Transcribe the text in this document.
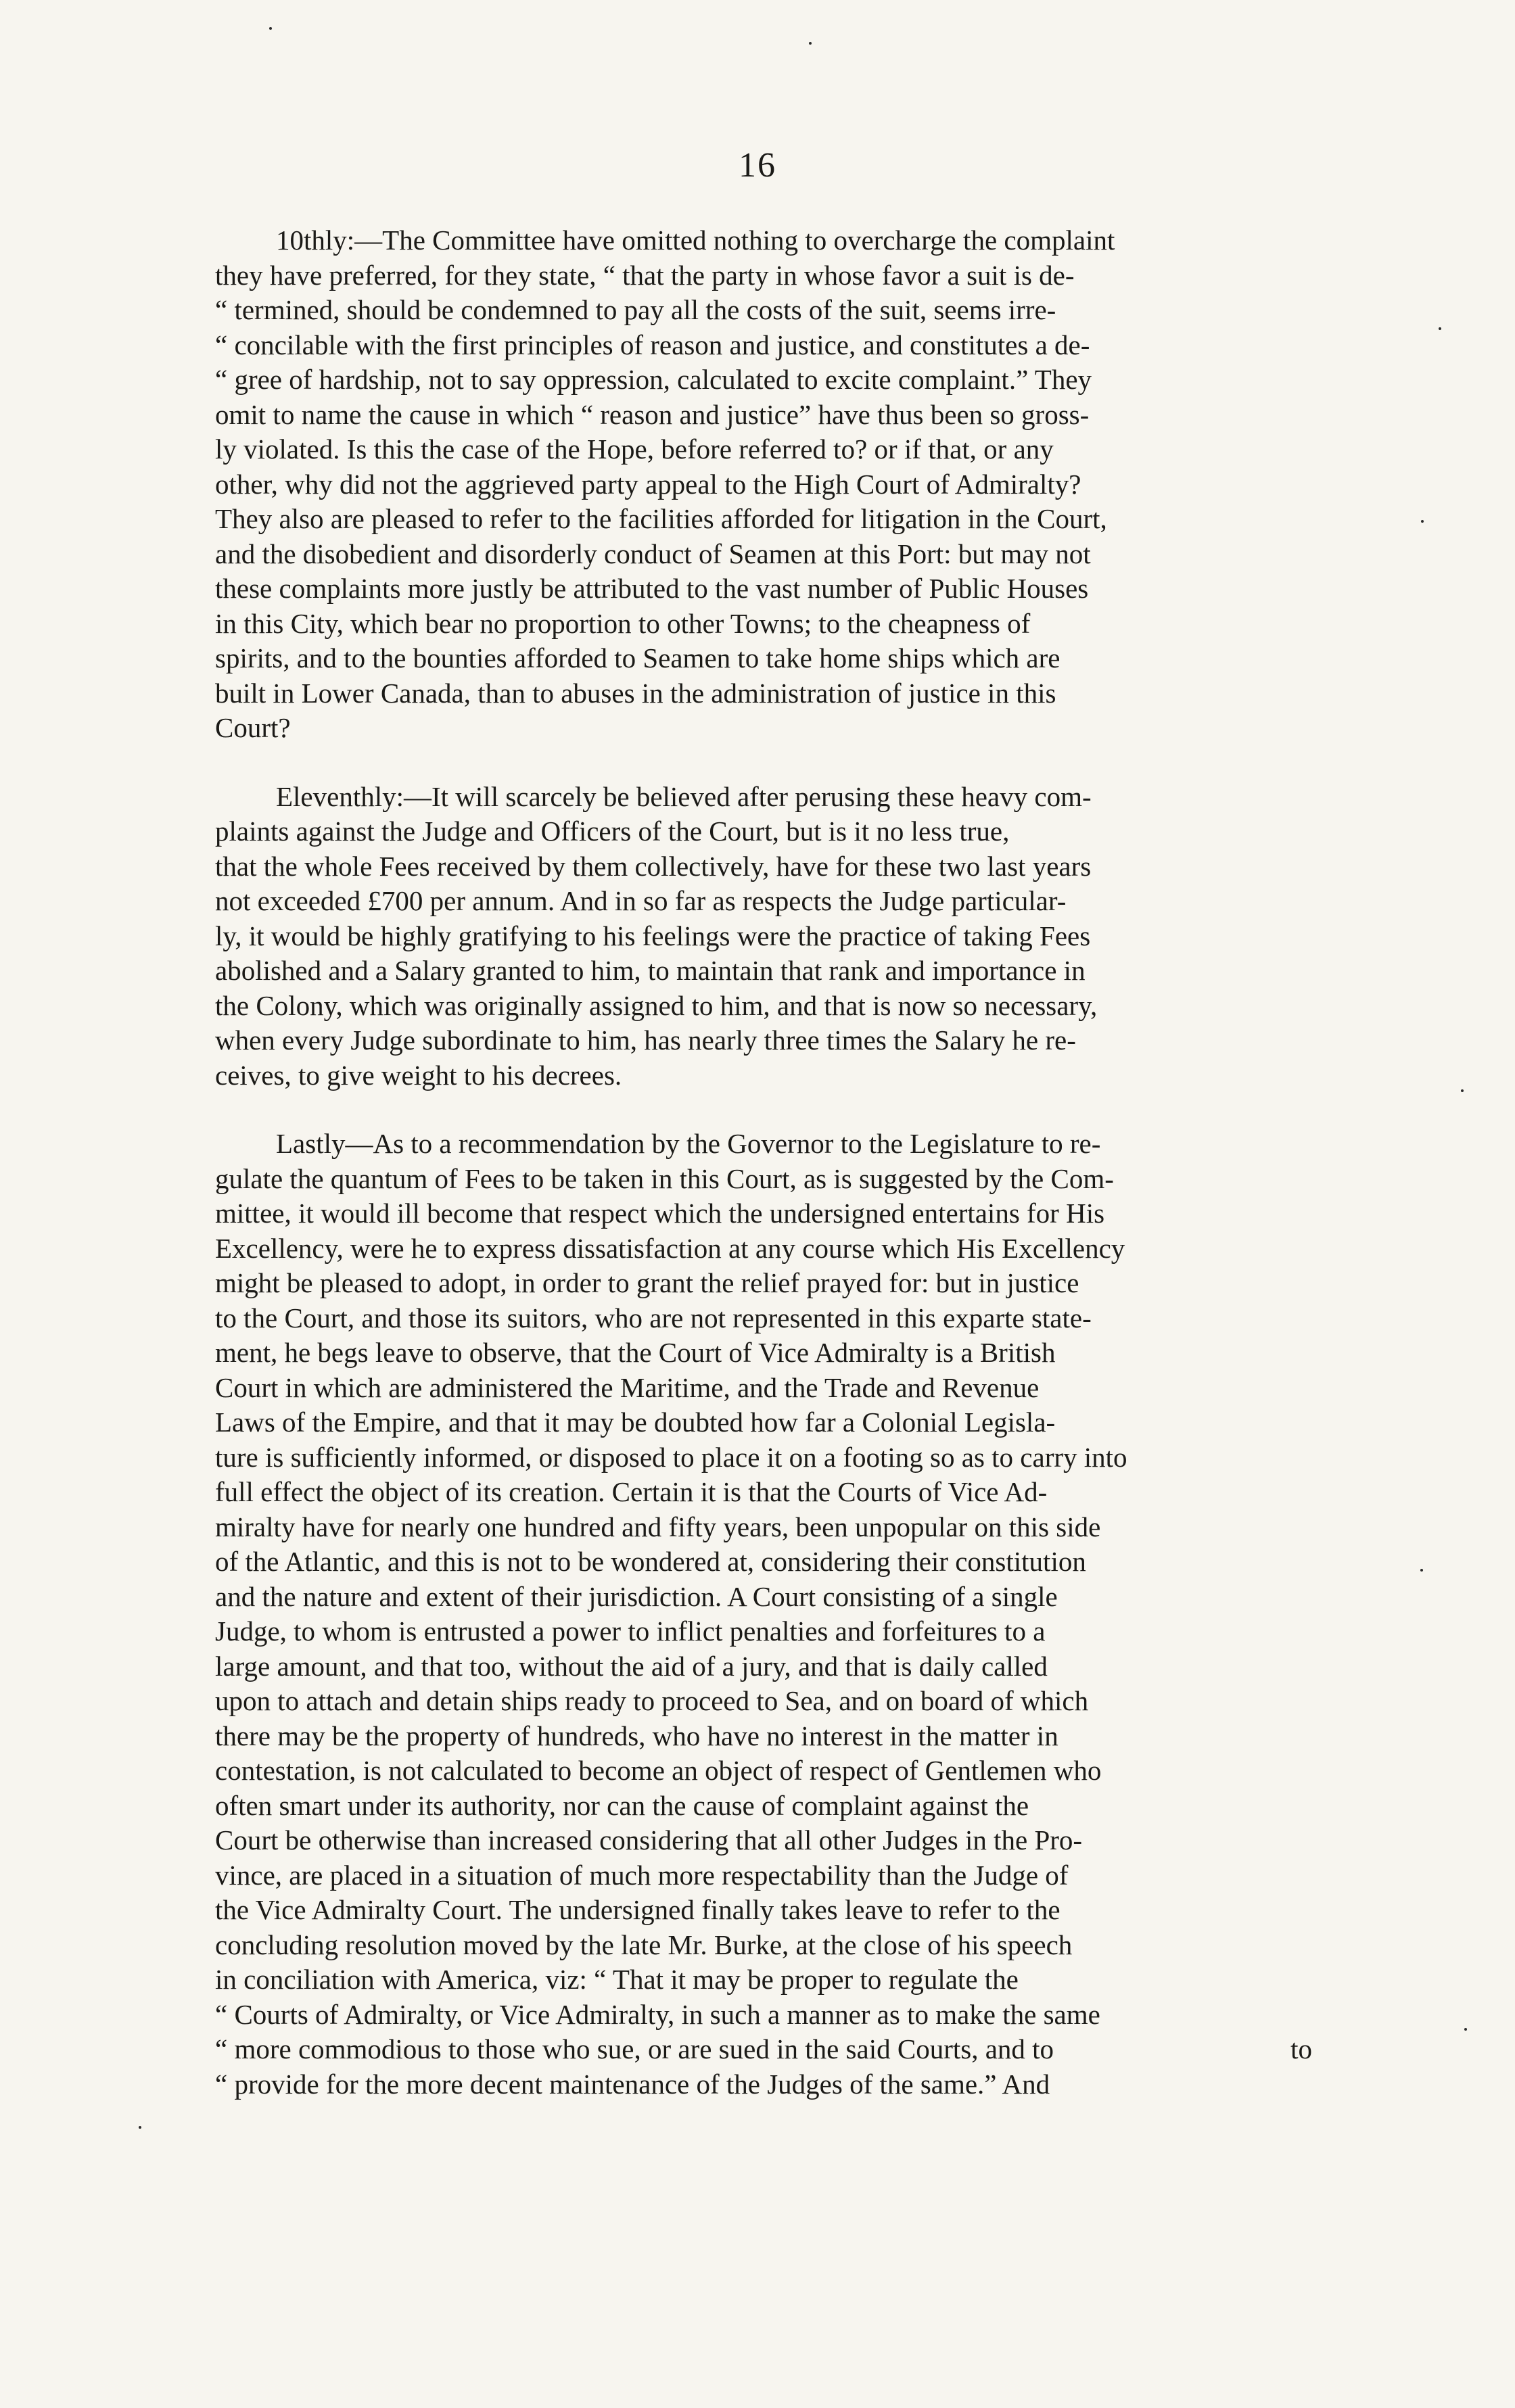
16

10thly:—The Committee have omitted nothing to overcharge the complaint
they have preferred, for they state, “ that the party in whose favor a suit is de-
“ termined, should be condemned to pay all the costs of the suit, seems irre-
“ concilable with the first principles of reason and justice, and constitutes a de-
“ gree of hardship, not to say oppression, calculated to excite complaint.” They
omit to name the cause in which “ reason and justice” have thus been so gross-
ly violated. Is this the case of the Hope, before referred to? or if that, or any
other, why did not the aggrieved party appeal to the High Court of Admiralty?
They also are pleased to refer to the facilities afforded for litigation in the Court,
and the disobedient and disorderly conduct of Seamen at this Port: but may not
these complaints more justly be attributed to the vast number of Public Houses
in this City, which bear no proportion to other Towns; to the cheapness of
spirits, and to the bounties afforded to Seamen to take home ships which are
built in Lower Canada, than to abuses in the administration of justice in this
Court?

Eleventhly:—It will scarcely be believed after perusing these heavy com-
plaints against the Judge and Officers of the Court, but is it no less true,
that the whole Fees received by them collectively, have for these two last years
not exceeded £700 per annum. And in so far as respects the Judge particular-
ly, it would be highly gratifying to his feelings were the practice of taking Fees
abolished and a Salary granted to him, to maintain that rank and importance in
the Colony, which was originally assigned to him, and that is now so necessary,
when every Judge subordinate to him, has nearly three times the Salary he re-
ceives, to give weight to his decrees.

Lastly—As to a recommendation by the Governor to the Legislature to re-
gulate the quantum of Fees to be taken in this Court, as is suggested by the Com-
mittee, it would ill become that respect which the undersigned entertains for His
Excellency, were he to express dissatisfaction at any course which His Excellency
might be pleased to adopt, in order to grant the relief prayed for: but in justice
to the Court, and those its suitors, who are not represented in this exparte state-
ment, he begs leave to observe, that the Court of Vice Admiralty is a British
Court in which are administered the Maritime, and the Trade and Revenue
Laws of the Empire, and that it may be doubted how far a Colonial Legisla-
ture is sufficiently informed, or disposed to place it on a footing so as to carry into
full effect the object of its creation. Certain it is that the Courts of Vice Ad-
miralty have for nearly one hundred and fifty years, been unpopular on this side
of the Atlantic, and this is not to be wondered at, considering their constitution
and the nature and extent of their jurisdiction. A Court consisting of a single
Judge, to whom is entrusted a power to inflict penalties and forfeitures to a
large amount, and that too, without the aid of a jury, and that is daily called
upon to attach and detain ships ready to proceed to Sea, and on board of which
there may be the property of hundreds, who have no interest in the matter in
contestation, is not calculated to become an object of respect of Gentlemen who
often smart under its authority, nor can the cause of complaint against the
Court be otherwise than increased considering that all other Judges in the Pro-
vince, are placed in a situation of much more respectability than the Judge of
the Vice Admiralty Court. The undersigned finally takes leave to refer to the
concluding resolution moved by the late Mr. Burke, at the close of his speech
in conciliation with America, viz: “ That it may be proper to regulate the
“ Courts of Admiralty, or Vice Admiralty, in such a manner as to make the same
“ more commodious to those who sue, or are sued in the said Courts, and to
“ provide for the more decent maintenance of the Judges of the same.” And

to
